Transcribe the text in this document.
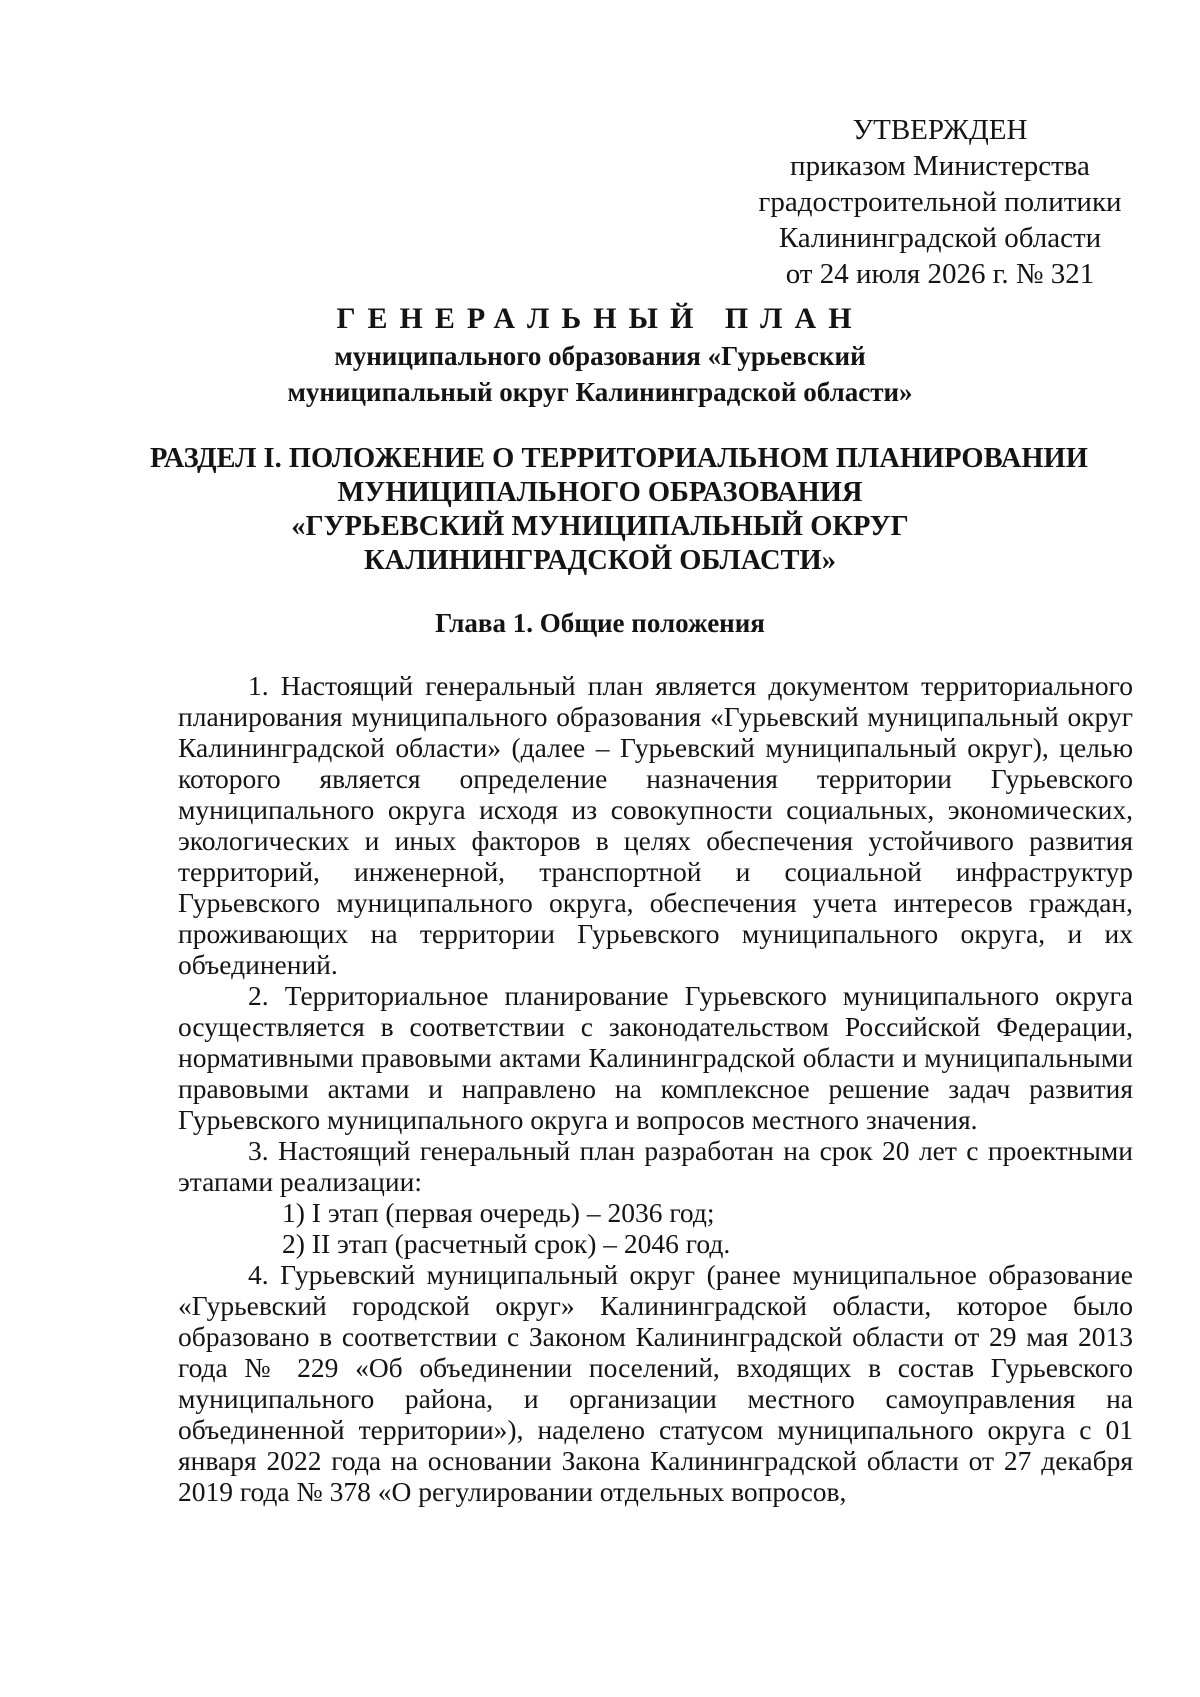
УТВЕРЖДЕН
приказом Министерства
градостроительной политики
Калининградской области
от 24 июля 2026 г. № 321
ГЕНЕРАЛЬНЫЙ ПЛАН
муниципального образования «Гурьевский
муниципальный округ Калининградской области»
РАЗДЕЛ I. ПОЛОЖЕНИЕ О ТЕРРИТОРИАЛЬНОМ ПЛАНИРОВАНИИ
МУНИЦИПАЛЬНОГО ОБРАЗОВАНИЯ
«ГУРЬЕВСКИЙ МУНИЦИПАЛЬНЫЙ ОКРУГ
КАЛИНИНГРАДСКОЙ ОБЛАСТИ»
Глава 1. Общие положения

1. Настоящий генеральный план является документом территориального планирования муниципального образования «Гурьевский муниципальный округ Калининградской области» (далее – Гурьевский муниципальный округ), целью которого является определение назначения территории Гурьевского муниципального округа исходя из совокупности социальных, экономических, экологических и иных факторов в целях обеспечения устойчивого развития территорий, инженерной, транспортной и социальной инфраструктур Гурьевского муниципального округа, обеспечения учета интересов граждан, проживающих на территории Гурьевского муниципального округа, и их объединений.

2. Территориальное планирование Гурьевского муниципального округа осуществляется в соответствии с законодательством Российской Федерации, нормативными правовыми актами Калининградской области и муниципальными правовыми актами и направлено на комплексное решение задач развития Гурьевского муниципального округа и вопросов местного значения.

3. Настоящий генеральный план разработан на срок 20 лет с проектными этапами реализации:

1) I этап (первая очередь) – 2036 год;
2) II этап (расчетный срок) – 2046 год.

4. Гурьевский муниципальный округ (ранее муниципальное образование «Гурьевский городской округ» Калининградской области, которое было образовано в соответствии с Законом Калининградской области от 29 мая 2013 года № 229 «Об объединении поселений, входящих в состав Гурьевского муниципального района, и организации местного самоуправления на объединенной территории»), наделено статусом муниципального округа с 01 января 2022 года на основании Закона Калининградской области от 27 декабря 2019 года № 378 «О регулировании отдельных вопросов,
